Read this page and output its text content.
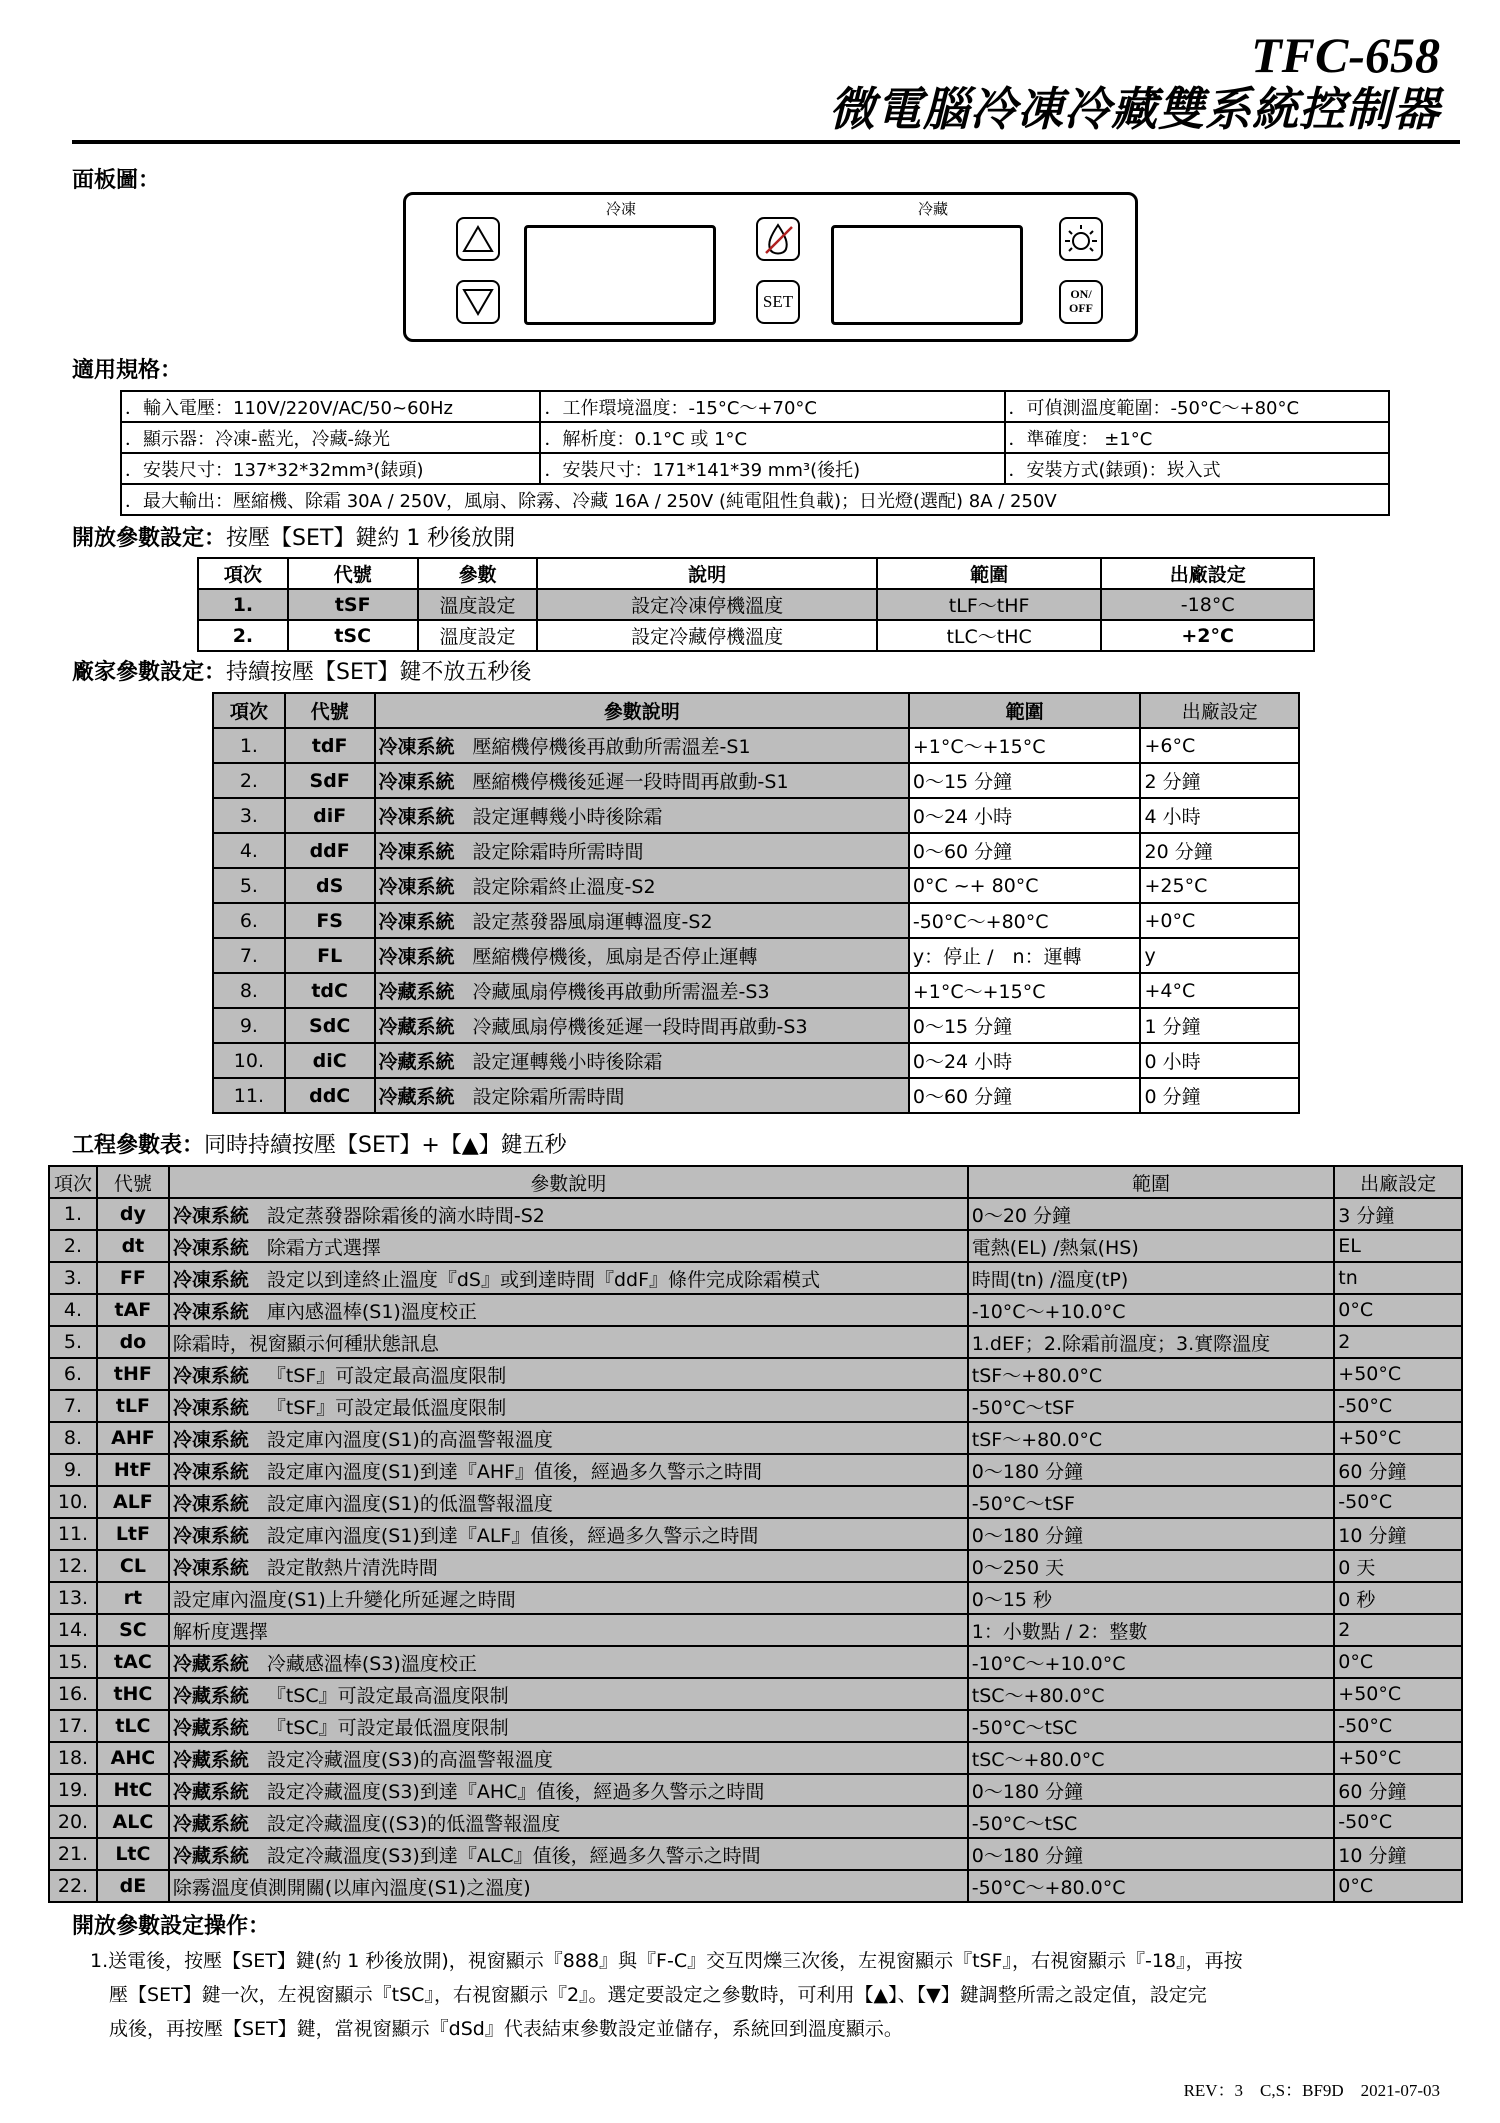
TFC-658
微電腦冷凍冷藏雙系統控制器
面板圖：
冷凍	冷藏
SET	ON/
OFF
適用規格：
．輸入電壓：110V/220V/AC/50~60Hz	．工作環境溫度：-15°C～+70°C	．可偵測溫度範圍：-50°C～+80°C
．顯示器：冷凍-藍光，冷藏-綠光	．解析度：0.1°C 或 1°C	．準確度： ±1°C
．安裝尺寸：137*32*32mm³(錶頭)	．安裝尺寸：171*141*39 mm³(後托)	．安裝方式(錶頭)：崁入式
．最大輸出：壓縮機、除霜 30A / 250V，風扇、除霧、冷藏 16A / 250V (純電阻性負載)；日光燈(選配) 8A / 250V		
開放參數設定：按壓【SET】鍵約 1 秒後放開
項次	代號	參數	說明	範圍	出廠設定
1.	tSF	溫度設定	設定冷凍停機溫度	tLF～tHF	-18°C
2.	tSC	溫度設定	設定冷藏停機溫度	tLC～tHC	+2°C
廠家參數設定：持續按壓【SET】鍵不放五秒後
項次	代號	參數說明	範圍	出廠設定
1.	tdF	冷凍系統 壓縮機停機後再啟動所需溫差-S1	+1°C～+15°C	+6°C
2.	SdF	冷凍系統 壓縮機停機後延遲一段時間再啟動-S1	0～15 分鐘	2 分鐘
3.	diF	冷凍系統 設定運轉幾小時後除霜	0～24 小時	4 小時
4.	ddF	冷凍系統 設定除霜時所需時間	0～60 分鐘	20 分鐘
5.	dS	冷凍系統 設定除霜終止溫度-S2	0°C ~+ 80°C	+25°C
6.	FS	冷凍系統 設定蒸發器風扇運轉溫度-S2	-50°C～+80°C	+0°C
7.	FL	冷凍系統 壓縮機停機後，風扇是否停止運轉	y：停止 /　n：運轉	y
8.	tdC	冷藏系統 冷藏風扇停機後再啟動所需溫差-S3	+1°C～+15°C	+4°C
9.	SdC	冷藏系統 冷藏風扇停機後延遲一段時間再啟動-S3	0～15 分鐘	1 分鐘
10.	diC	冷藏系統 設定運轉幾小時後除霜	0～24 小時	0 小時
11.	ddC	冷藏系統 設定除霜所需時間	0～60 分鐘	0 分鐘
工程參數表：同時持續按壓【SET】+【▲】鍵五秒
項次	代號	參數說明	範圍	出廠設定
1.	dy	冷凍系統 設定蒸發器除霜後的滴水時間-S2	0～20 分鐘	3 分鐘
2.	dt	冷凍系統 除霜方式選擇	電熱(EL) /熱氣(HS)	EL
3.	FF	冷凍系統 設定以到達終止溫度『dS』或到達時間『ddF』條件完成除霜模式	時間(tn) /溫度(tP)	tn
4.	tAF	冷凍系統 庫內感溫棒(S1)溫度校正	-10°C～+10.0°C	0°C
5.	do	除霜時，視窗顯示何種狀態訊息	1.dEF；2.除霜前溫度；3.實際溫度	2
6.	tHF	冷凍系統 『tSF』可設定最高溫度限制	tSF～+80.0°C	+50°C
7.	tLF	冷凍系統 『tSF』可設定最低溫度限制	-50°C～tSF	-50°C
8.	AHF	冷凍系統 設定庫內溫度(S1)的高溫警報溫度	tSF～+80.0°C	+50°C
9.	HtF	冷凍系統 設定庫內溫度(S1)到達『AHF』值後，經過多久警示之時間	0～180 分鐘	60 分鐘
10.	ALF	冷凍系統 設定庫內溫度(S1)的低溫警報溫度	-50°C～tSF	-50°C
11.	LtF	冷凍系統 設定庫內溫度(S1)到達『ALF』值後，經過多久警示之時間	0～180 分鐘	10 分鐘
12.	CL	冷凍系統 設定散熱片清洗時間	0～250 天	0 天
13.	rt	設定庫內溫度(S1)上升變化所延遲之時間	0～15 秒	0 秒
14.	SC	解析度選擇	1：小數點 / 2：整數	2
15.	tAC	冷藏系統 冷藏感溫棒(S3)溫度校正	-10°C～+10.0°C	0°C
16.	tHC	冷藏系統 『tSC』可設定最高溫度限制	tSC～+80.0°C	+50°C
17.	tLC	冷藏系統 『tSC』可設定最低溫度限制	-50°C～tSC	-50°C
18.	AHC	冷藏系統 設定冷藏溫度(S3)的高溫警報溫度	tSC～+80.0°C	+50°C
19.	HtC	冷藏系統 設定冷藏溫度(S3)到達『AHC』值後，經過多久警示之時間	0～180 分鐘	60 分鐘
20.	ALC	冷藏系統 設定冷藏溫度((S3)的低溫警報溫度	-50°C～tSC	-50°C
21.	LtC	冷藏系統 設定冷藏溫度(S3)到達『ALC』值後，經過多久警示之時間	0～180 分鐘	10 分鐘
22.	dE	除霧溫度偵測開關(以庫內溫度(S1)之溫度)	-50°C～+80.0°C	0°C
開放參數設定操作：
1.送電後，按壓【SET】鍵(約 1 秒後放開)，視窗顯示『888』與『F-C』交互閃爍三次後，左視窗顯示『tSF』，右視窗顯示『-18』，再按
　壓【SET】鍵一次，左視窗顯示『tSC』，右視窗顯示『2』。選定要設定之參數時，可利用【▲】、【▼】鍵調整所需之設定值，設定完
　成後，再按壓【SET】鍵，當視窗顯示『dSd』代表結束參數設定並儲存，系統回到溫度顯示。
REV：3　C,S：BF9D　2021-07-03
